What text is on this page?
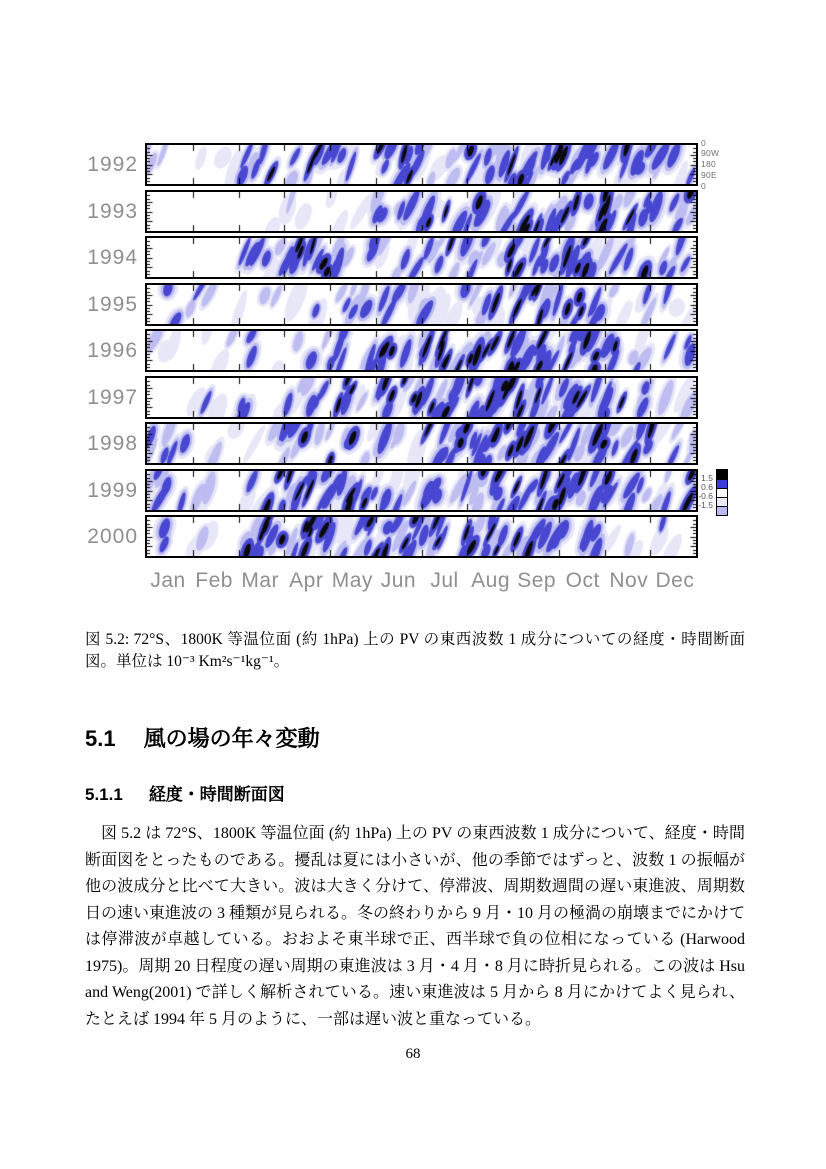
1992
1993
1994
1995
1996
1997
1998
1999
2000
Jan Feb Mar Apr May Jun Jul Aug Sep Oct Nov Dec
0
90W
180
90E
0
1.5
0.6
-0.6
-1.5
図 5.2: 72°S、1800K 等温位面 (約 1hPa) 上の PV の東西波数 1 成分についての経度・時間断面図。単位は 10⁻³ Km²s⁻¹kg⁻¹。
5.1 風の場の年々変動
5.1.1 経度・時間断面図

図 5.2 は 72°S、1800K 等温位面 (約 1hPa) 上の PV の東西波数 1 成分について、経度・時間断面図をとったものである。擾乱は夏には小さいが、他の季節ではずっと、波数 1 の振幅が他の波成分と比べて大きい。波は大きく分けて、停滞波、周期数週間の遅い東進波、周期数日の速い東進波の 3 種類が見られる。冬の終わりから 9 月・10 月の極渦の崩壊までにかけては停滞波が卓越している。おおよそ東半球で正、西半球で負の位相になっている (Harwood 1975)。周期 20 日程度の遅い周期の東進波は 3 月・4 月・8 月に時折見られる。この波は Hsu and Weng(2001) で詳しく解析されている。速い東進波は 5 月から 8 月にかけてよく見られ、たとえば 1994 年 5 月のように、一部は遅い波と重なっている。

68
